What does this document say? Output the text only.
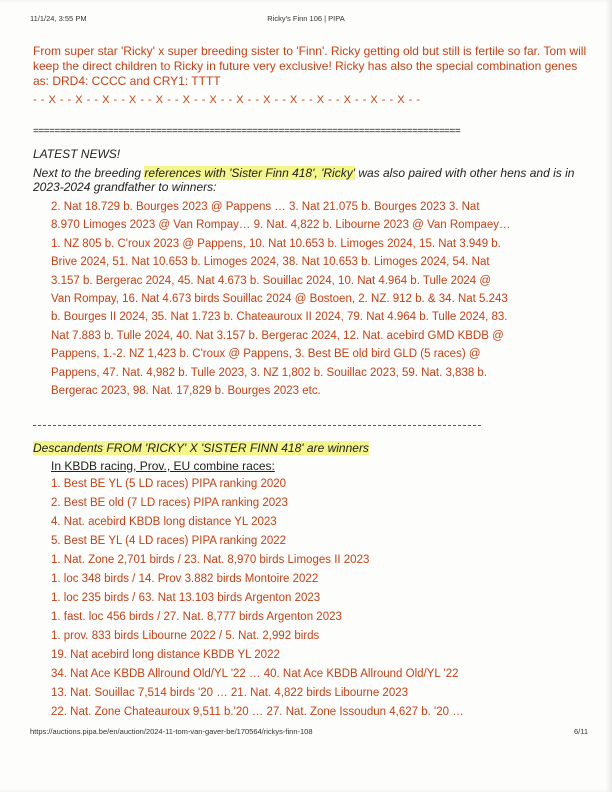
11/1/24, 3:55 PM	Ricky's Finn 106 | PIPA
From super star 'Ricky' x super breeding sister to 'Finn'. Ricky getting old but still is fertile so far. Tom will keep the direct children to Ricky in future very exclusive! Ricky has also the special combination genes as: DRD4: CCCC and CRY1: TTTT
- - X - - X - - X - - X - - X - - X - - X - - X - - X - - X - - X - - X - - X - - X - -
================================================================================
LATEST NEWS!
Next to the breeding references with 'Sister Finn 418', 'Ricky' was also paired with other hens and is in 2023-2024 grandfather to winners:
2. Nat 18.729 b. Bourges 2023 @ Pappens … 3. Nat 21.075 b. Bourges 2023 3. Nat 8.970 Limoges 2023 @ Van Rompay… 9. Nat. 4,822 b. Libourne 2023 @ Van Rompaey… 1. NZ 805 b. C'roux 2023 @ Pappens, 10. Nat 10.653 b. Limoges 2024, 15. Nat 3.949 b. Brive 2024, 51. Nat 10.653 b. Limoges 2024, 38. Nat 10.653 b. Limoges 2024, 54. Nat 3.157 b. Bergerac 2024, 45. Nat 4.673 b. Souillac 2024, 10. Nat 4.964 b. Tulle 2024 @ Van Rompay, 16. Nat 4.673 birds Souillac 2024 @ Bostoen, 2. NZ. 912 b. & 34. Nat 5.243 b. Bourges II 2024, 35. Nat 1.723 b. Chateauroux II 2024, 79. Nat 4.964 b. Tulle 2024, 83. Nat 7.883 b. Tulle 2024, 40. Nat 3.157 b. Bergerac 2024, 12. Nat. acebird GMD KBDB @ Pappens, 1.-2. NZ 1,423 b. C'roux @ Pappens, 3. Best BE old bird GLD (5 races) @ Pappens, 47. Nat. 4,982 b. Tulle 2023, 3. NZ 1,802 b. Souillac 2023, 59. Nat. 3,838 b. Bergerac 2023, 98. Nat. 17,829 b. Bourges 2023 etc.
Descandents FROM 'RICKY' X 'SISTER FINN 418' are winners
In KBDB racing, Prov., EU combine races:
1. Best BE YL (5 LD races) PIPA ranking 2020
2. Best BE old (7 LD races) PIPA ranking 2023
4. Nat. acebird KBDB long distance YL 2023
5. Best BE YL (4 LD races) PIPA ranking 2022
1. Nat. Zone 2,701 birds / 23. Nat. 8,970 birds Limoges II 2023
1. loc 348 birds / 14. Prov 3.882 birds Montoire 2022
1. loc 235 birds / 63. Nat 13.103 birds Argenton 2023
1. fast. loc 456 birds / 27. Nat. 8,777 birds Argenton 2023
1. prov. 833 birds Libourne 2022 / 5. Nat. 2,992 birds
19. Nat acebird long distance KBDB YL 2022
34. Nat Ace KBDB Allround Old/YL '22 … 40. Nat Ace KBDB Allround Old/YL '22
13. Nat. Souillac 7,514 birds '20 … 21. Nat. 4,822 birds Libourne 2023
22. Nat. Zone Chateauroux 9,511 b.'20 … 27. Nat. Zone Issoudun 4,627 b. '20 …
https://auctions.pipa.be/en/auction/2024-11-tom-van-gaver-be/170564/rickys-finn-108	6/11
